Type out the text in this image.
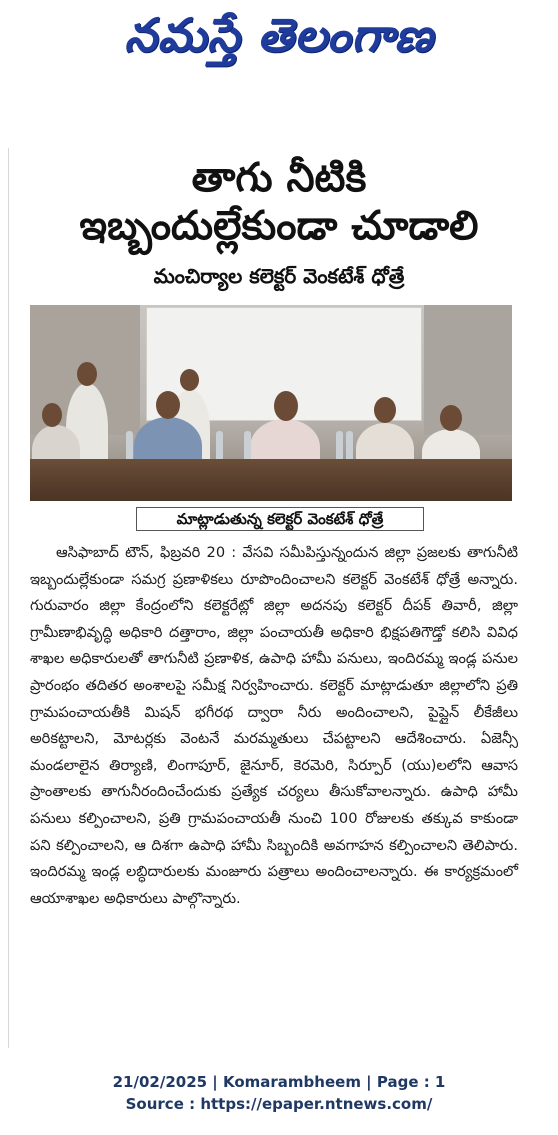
నమస్తే తెలంగాణ
తాగు నీటికి
ఇబ్బందుల్లేకుండా చూడాలి
మంచిర్యాల కలెక్టర్ వెంకటేశ్ ధోత్రే
మాట్లాడుతున్న కలెక్టర్ వెంకటేశ్ ధోత్రే

ఆసిఫాబాద్ టౌన్, ఫిబ్రవరి 20 : వేసవి సమీపిస్తున్నందున జిల్లా ప్రజలకు తాగునీటి ఇబ్బందుల్లేకుండా సమగ్ర ప్రణాళికలు రూపొందించాలని కలెక్టర్ వెంకటేశ్ ధోత్రే అన్నారు. గురువారం జిల్లా కేంద్రంలోని కలెక్టరేట్లో జిల్లా అదనపు కలెక్టర్ దీపక్ తివారీ, జిల్లా గ్రామీణాభివృద్ధి అధికారి దత్తారాం, జిల్లా పంచాయతీ అధికారి భిక్షపతిగౌడ్తో కలిసి వివిధ శాఖల అధికారులతో తాగునీటి ప్రణాళిక, ఉపాధి హామీ పనులు, ఇందిరమ్మ ఇండ్ల పనుల ప్రారంభం తదితర అంశాలపై సమీక్ష నిర్వహించారు. కలెక్టర్ మాట్లాడుతూ జిల్లాలోని ప్రతి గ్రామపంచాయతీకి మిషన్ భగీరథ ద్వారా నీరు అందించాలని, పైప్లైన్ లీకేజీలు అరికట్టాలని, మోటర్లకు వెంటనే మరమ్మతులు చేపట్టాలని ఆదేశించారు. ఏజెన్సీ మండలాలైన తిర్యాణి, లింగాపూర్, జైనూర్, కెరమెరి, సిర్పూర్ (యు)లలోని ఆవాస ప్రాంతాలకు తాగునీరందించేందుకు ప్రత్యేక చర్యలు తీసుకోవాలన్నారు. ఉపాధి హామీ పనులు కల్పించాలని, ప్రతి గ్రామపంచాయతీ నుంచి 100 రోజులకు తక్కువ కాకుండా పని కల్పించాలని, ఆ దిశగా ఉపాధి హామీ సిబ్బందికి అవగాహన కల్పించాలని తెలిపారు. ఇందిరమ్మ ఇండ్ల లబ్ధిదారులకు మంజూరు పత్రాలు అందించాలన్నారు. ఈ కార్యక్రమంలో ఆయాశాఖల అధికారులు పాల్గొన్నారు.

21/02/2025 | Komarambheem | Page : 1
Source : https://epaper.ntnews.com/
